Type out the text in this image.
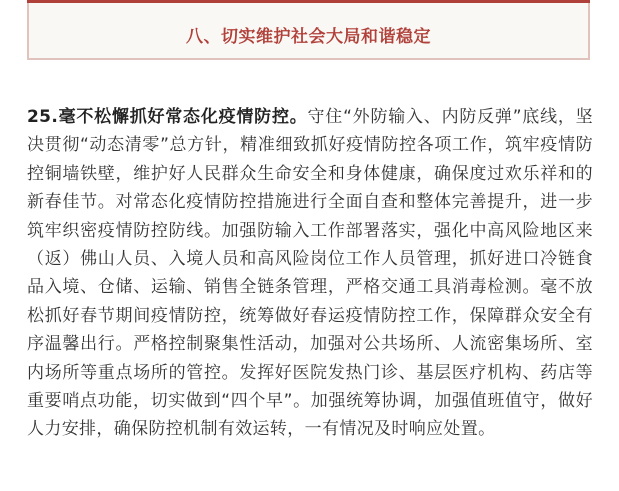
八、切实维护社会大局和谐稳定

25.毫不松懈抓好常态化疫情防控。守住“外防输入、内防反弹”底线，坚决贯彻“动态清零”总方针，精准细致抓好疫情防控各项工作，筑牢疫情防控铜墙铁壁，维护好人民群众生命安全和身体健康，确保度过欢乐祥和的新春佳节。对常态化疫情防控措施进行全面自查和整体完善提升，进一步筑牢织密疫情防控防线。加强防输入工作部署落实，强化中高风险地区来（返）佛山人员、入境人员和高风险岗位工作人员管理，抓好进口冷链食品入境、仓储、运输、销售全链条管理，严格交通工具消毒检测。毫不放松抓好春节期间疫情防控，统筹做好春运疫情防控工作，保障群众安全有序温馨出行。严格控制聚集性活动，加强对公共场所、人流密集场所、室内场所等重点场所的管控。发挥好医院发热门诊、基层医疗机构、药店等重要哨点功能，切实做到“四个早”。加强统筹协调，加强值班值守，做好人力安排，确保防控机制有效运转，一有情况及时响应处置。
